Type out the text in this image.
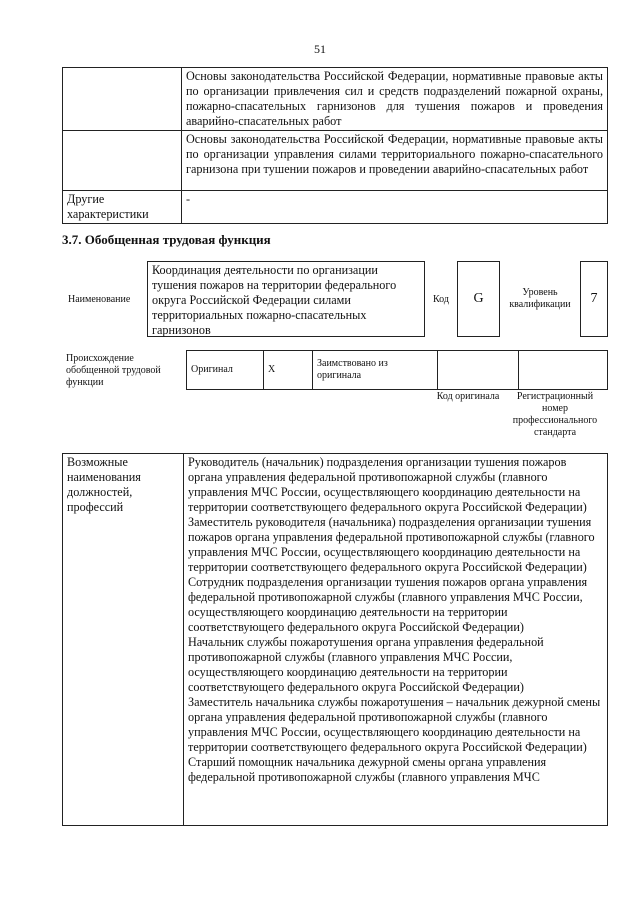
51
	Основы законодательства Российской Федерации, нормативные правовые акты по организации привлечения сил и средств подразделений пожарной охраны, пожарно-спасательных гарнизонов для тушения пожаров и проведения аварийно-спасательных работ
	Основы законодательства Российской Федерации, нормативные правовые акты по организации управления силами территориального пожарно-спасательного гарнизона при тушении пожаров и проведении аварийно-спасательных работ
Другие характеристики	-
3.7. Обобщенная трудовая функция
Наименование
Координация деятельности по организации тушения пожаров на территории федерального округа Российской Федерации силами территориальных пожарно-спасательных гарнизонов
Код	G	Уровень квалификации	7
Происхождение обобщенной трудовой функции
Оригинал	X	Заимствовано из оригинала		
Код оригинала	Регистрационный номер профессионального стандарта
Возможные наименования должностей, профессий	
Руководитель (начальник) подразделения организации тушения пожаров органа управления федеральной противопожарной службы (главного управления МЧС России, осуществляющего координацию деятельности на территории соответствующего федерального округа Российской Федерации)
Заместитель руководителя (начальника) подразделения организации тушения пожаров органа управления федеральной противопожарной службы (главного управления МЧС России, осуществляющего координацию деятельности на территории соответствующего федерального округа Российской Федерации)
Сотрудник подразделения организации тушения пожаров органа управления федеральной противопожарной службы (главного управления МЧС России, осуществляющего координацию деятельности на территории соответствующего федерального округа Российской Федерации)
Начальник службы пожаротушения органа управления федеральной противопожарной службы (главного управления МЧС России, осуществляющего координацию деятельности на территории соответствующего федерального округа Российской Федерации)
Заместитель начальника службы пожаротушения – начальник дежурной смены органа управления федеральной противопожарной службы (главного управления МЧС России, осуществляющего координацию деятельности на территории соответствующего федерального округа Российской Федерации)
Старший помощник начальника дежурной смены органа управления федеральной противопожарной службы (главного управления МЧС
